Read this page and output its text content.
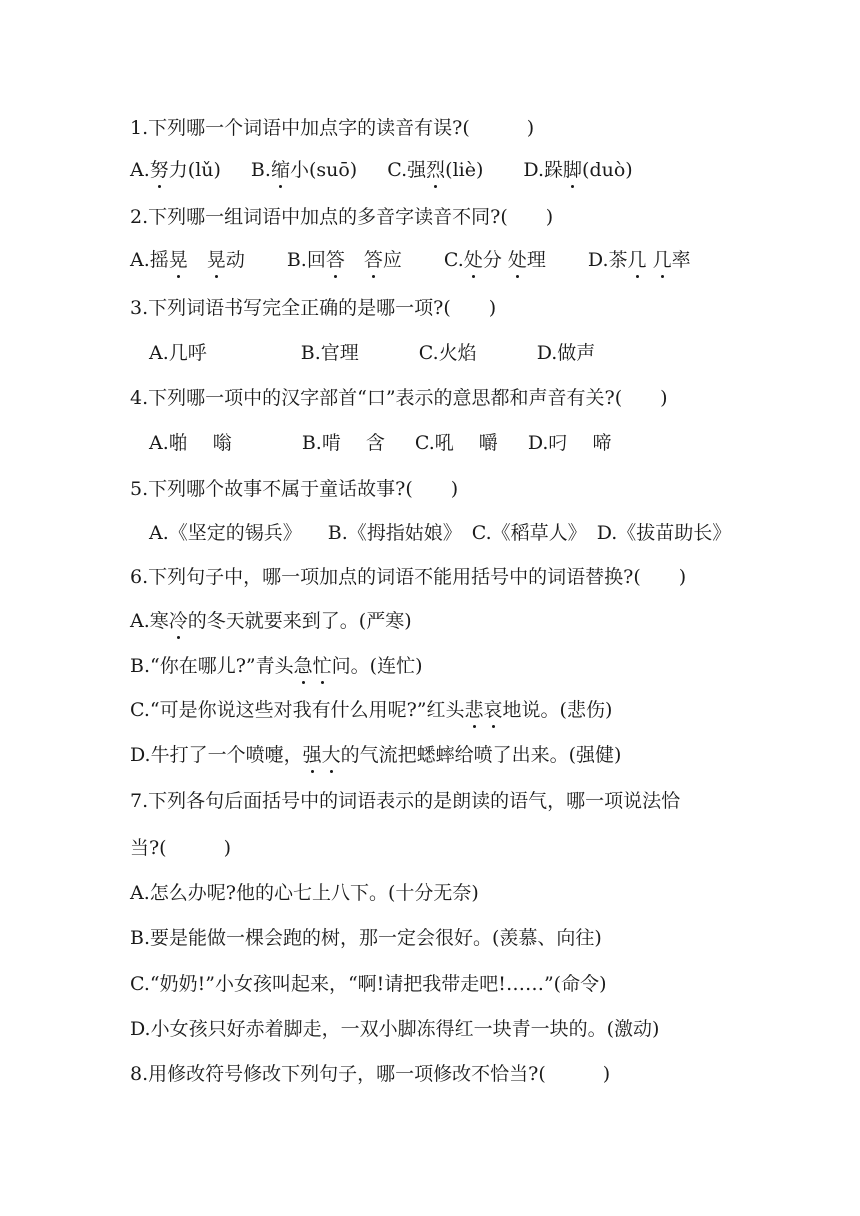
1.下列哪一个词语中加点字的读音有误?(　　　)
A.努力(lǔ) B.缩小(suō) C.强烈(liè) D.跺脚(duò)
2.下列哪一组词语中加点的多音字读音不同?(　　)
A.摇晃　 晃动 B.回答　 答应 C.处分 处理 D.茶几 几率
3.下列词语书写完全正确的是哪一项?(　　)
A.几呼	B.官理	C.火焰	D.做声
4.下列哪一项中的汉字部首“口”表示的意思都和声音有关?(　　)
A.啪　 嗡	B.啃　 含 C.吼　 嚼 D.叼　 啼
5.下列哪个故事不属于童话故事?(　　)
A.《坚定的锡兵》 B.《拇指姑娘》 C.《稻草人》 D.《拔苗助长》
6.下列句子中，哪一项加点的词语不能用括号中的词语替换?(　　)
A.寒冷的冬天就要来到了。(严寒)
B.“你在哪儿?”青头急忙问。(连忙)
C.“可是你说这些对我有什么用呢?”红头悲哀地说。(悲伤)
D.牛打了一个喷嚏，强大的气流把蟋蟀给喷了出来。(强健)
7.下列各句后面括号中的词语表示的是朗读的语气，哪一项说法恰
当?(　　　)
A.怎么办呢?他的心七上八下。(十分无奈)
B.要是能做一棵会跑的树，那一定会很好。(羡慕、向往)
C.“奶奶!”小女孩叫起来，“啊!请把我带走吧!……”(命令)
D.小女孩只好赤着脚走，一双小脚冻得红一块青一块的。(激动)
8.用修改符号修改下列句子，哪一项修改不恰当?(　　　)
